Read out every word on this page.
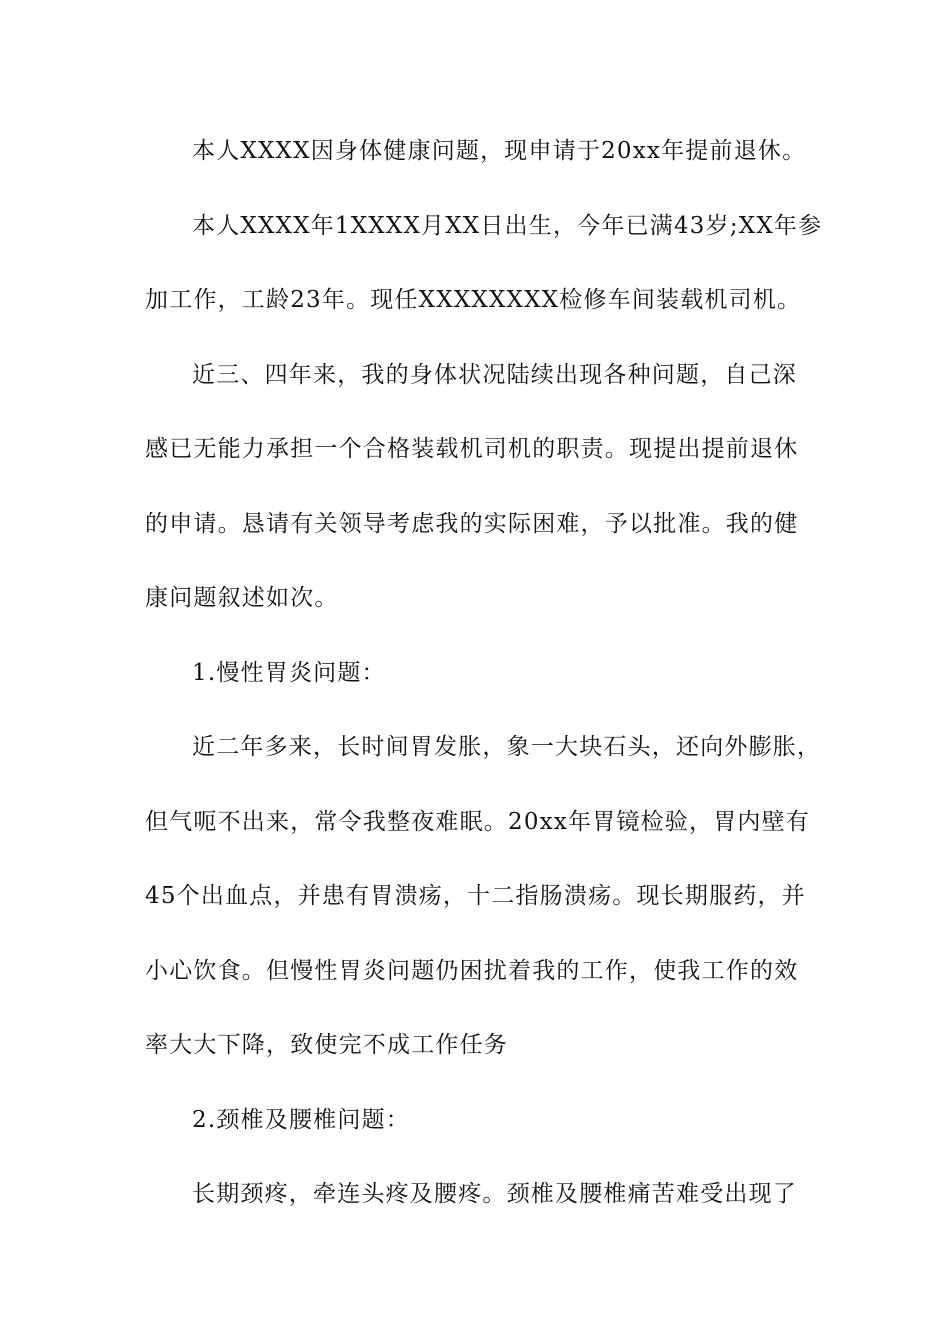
本人XXXX因身体健康问题，现申请于20xx年提前退休。
本人XXXX年1XXXX月XX日出生，今年已满43岁;XX年参
加工作，工龄23年。现任XXXXXXXX检修车间装载机司机。
近三、四年来，我的身体状况陆续出现各种问题，自己深
感已无能力承担一个合格装载机司机的职责。现提出提前退休
的申请。恳请有关领导考虑我的实际困难，予以批准。我的健
康问题叙述如次。
1.慢性胃炎问题：
近二年多来，长时间胃发胀，象一大块石头，还向外膨胀，
但气呃不出来，常令我整夜难眠。20xx年胃镜检验，胃内壁有
45个出血点，并患有胃溃疡，十二指肠溃疡。现长期服药，并
小心饮食。但慢性胃炎问题仍困扰着我的工作，使我工作的效
率大大下降，致使完不成工作任务
2.颈椎及腰椎问题：
长期颈疼，牵连头疼及腰疼。颈椎及腰椎痛苦难受出现了
